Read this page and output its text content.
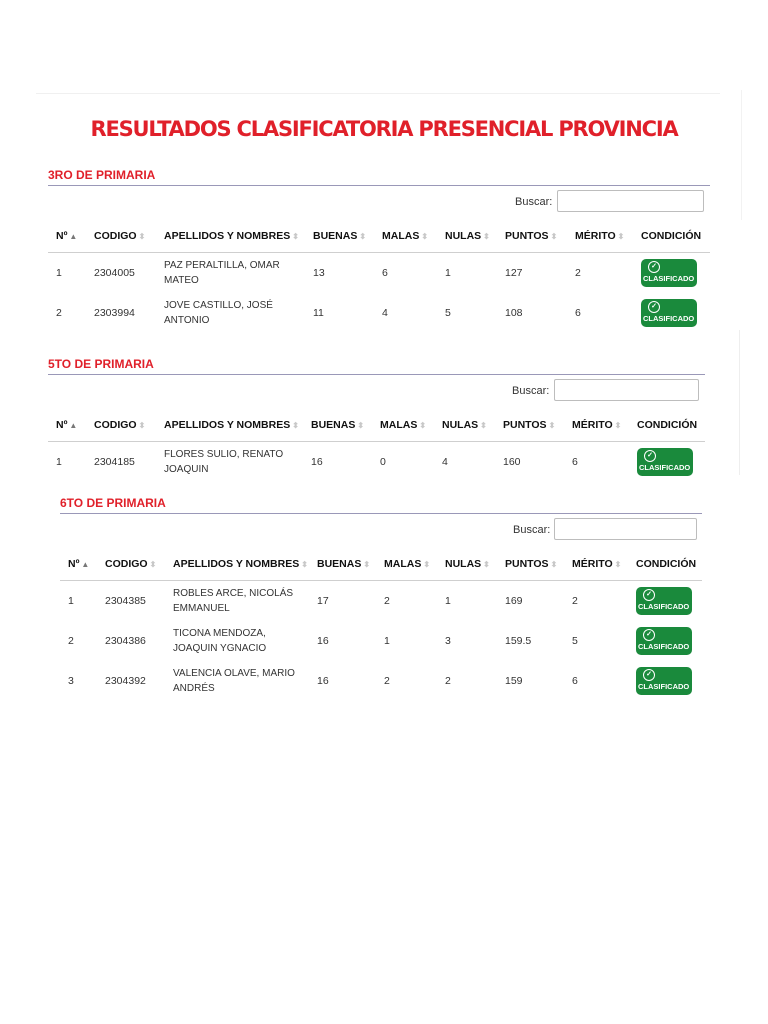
RESULTADOS CLASIFICATORIA PRESENCIAL PROVINCIA
3RO DE PRIMARIA
Buscar:
Nº ▲	CODIGO ⬍	APELLIDOS Y NOMBRES ⬍	BUENAS ⬍	MALAS ⬍	NULAS ⬍	PUNTOS ⬍	MÉRITO ⬍	CONDICIÓN
1	2304005	PAZ PERALTILLA, OMAR MATEO	13	6	1	127	2	✓
CLASIFICADO

2	2303994	JOVE CASTILLO, JOSÉ ANTONIO	11	4	5	108	6	✓
CLASIFICADO
5TO DE PRIMARIA
Buscar:
Nº ▲	CODIGO ⬍	APELLIDOS Y NOMBRES ⬍	BUENAS ⬍	MALAS ⬍	NULAS ⬍	PUNTOS ⬍	MÉRITO ⬍	CONDICIÓN
1	2304185	FLORES SULIO, RENATO JOAQUIN	16	0	4	160	6	✓
CLASIFICADO
6TO DE PRIMARIA
Buscar:
Nº ▲	CODIGO ⬍	APELLIDOS Y NOMBRES ⬍	BUENAS ⬍	MALAS ⬍	NULAS ⬍	PUNTOS ⬍	MÉRITO ⬍	CONDICIÓN
1	2304385	ROBLES ARCE, NICOLÁS EMMANUEL	17	2	1	169	2	✓
CLASIFICADO

2	2304386	TICONA MENDOZA, JOAQUIN YGNACIO	16	1	3	159.5	5	✓
CLASIFICADO

3	2304392	VALENCIA OLAVE, MARIO ANDRÉS	16	2	2	159	6	✓
CLASIFICADO
